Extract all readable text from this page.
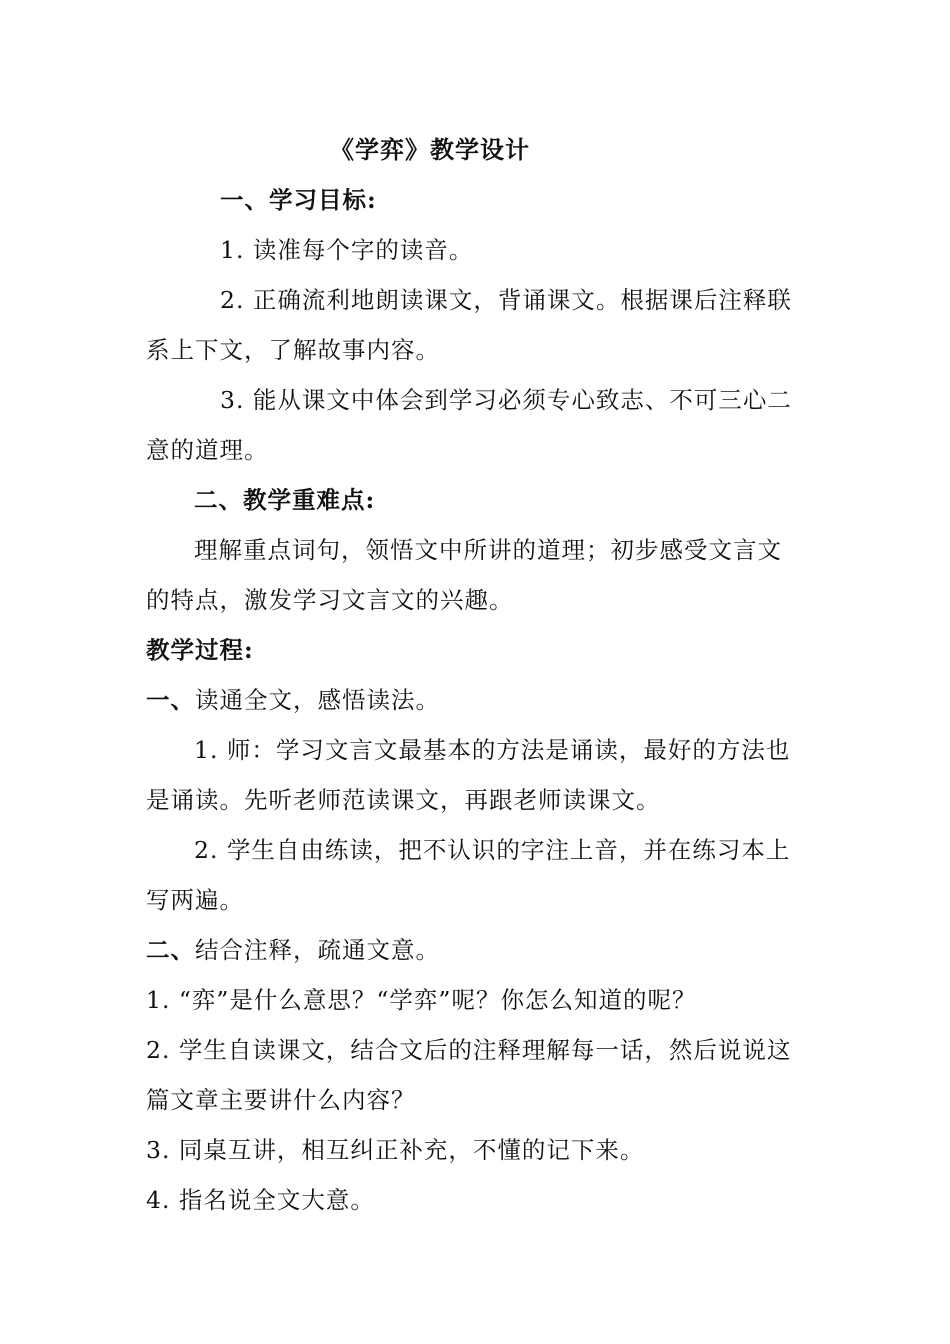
《学弈》教学设计
一、学习目标:
1. 读准每个字的读音。
2. 正确流利地朗读课文，背诵课文。根据课后注释联
系上下文，了解故事内容。
3. 能从课文中体会到学习必须专心致志、不可三心二
意的道理。
二、教学重难点:
理解重点词句，领悟文中所讲的道理；初步感受文言文
的特点，激发学习文言文的兴趣。
教学过程:
一、读通全文，感悟读法。
1. 师：学习文言文最基本的方法是诵读，最好的方法也
是诵读。先听老师范读课文，再跟老师读课文。
2. 学生自由练读，把不认识的字注上音，并在练习本上
写两遍。
二、结合注释，疏通文意。
1. “弈”是什么意思？“学弈”呢？你怎么知道的呢？
2. 学生自读课文，结合文后的注释理解每一话，然后说说这
篇文章主要讲什么内容？
3. 同桌互讲，相互纠正补充，不懂的记下来。
4. 指名说全文大意。
